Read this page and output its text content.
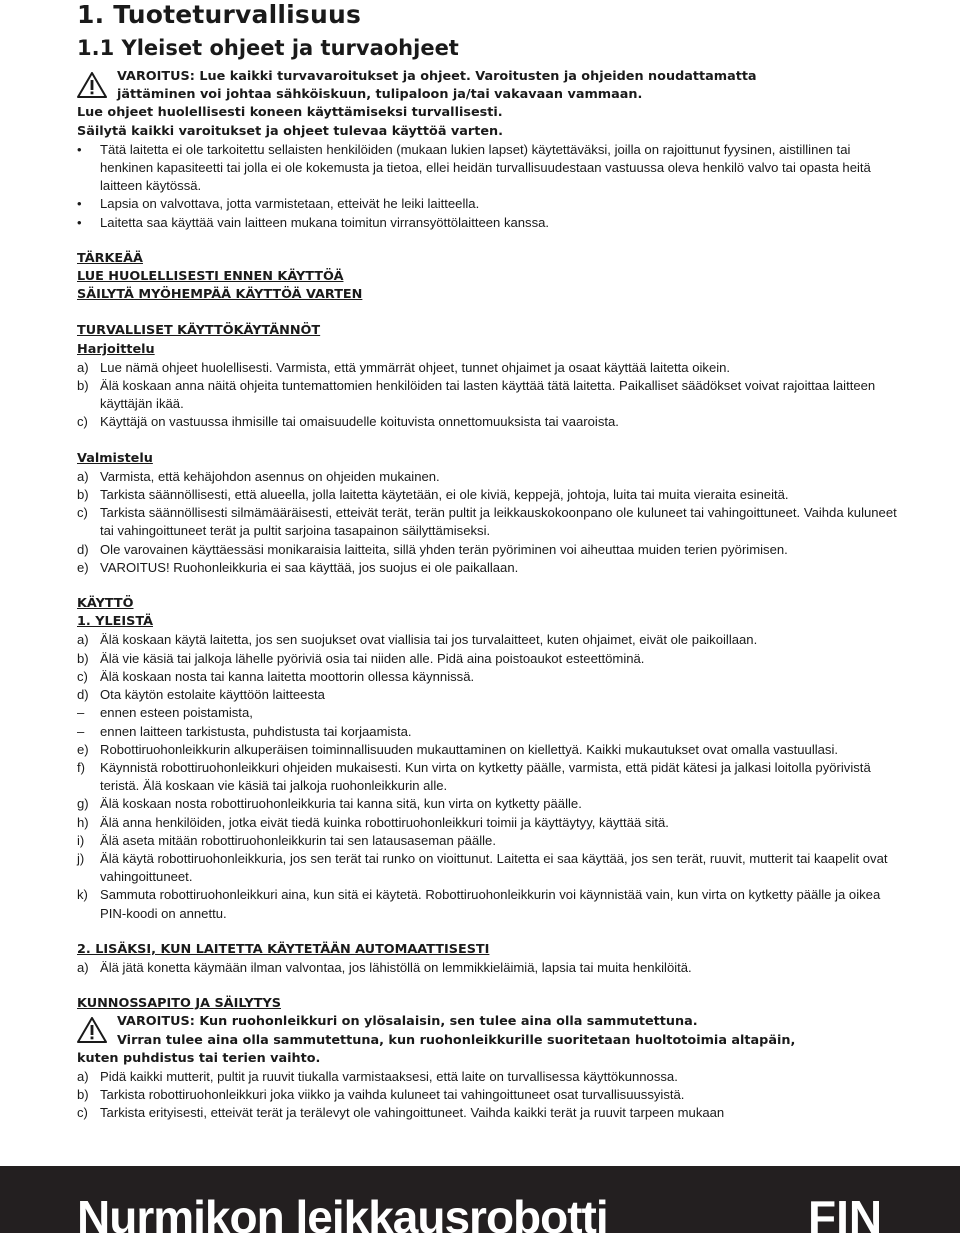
1. Tuoteturvallisuus
1.1 Yleiset ohjeet ja turvaohjeet
VAROITUS: Lue kaikki turvavaroitukset ja ohjeet. Varoitusten ja ohjeiden noudattamatta
jättäminen voi johtaa sähköiskuun, tulipaloon ja/tai vakavaan vammaan.
Lue ohjeet huolellisesti koneen käyttämiseksi turvallisesti.
Säilytä kaikki varoitukset ja ohjeet tulevaa käyttöä varten.
• Tätä laitetta ei ole tarkoitettu sellaisten henkilöiden (mukaan lukien lapset) käytettäväksi, joilla on rajoittunut fyysinen, aistillinen tai henkinen kapasiteetti tai jolla ei ole kokemusta ja tietoa, ellei heidän turvallisuudestaan vastuussa oleva henkilö valvo tai opasta heitä laitteen käytössä.
• Lapsia on valvottava, jotta varmistetaan, etteivät he leiki laitteella.
• Laitetta saa käyttää vain laitteen mukana toimitun virransyöttölaitteen kanssa.
TÄRKEÄÄ
LUE HUOLELLISESTI ENNEN KÄYTTÖÄ
SÄILYTÄ MYÖHEMPÄÄ KÄYTTÖÄ VARTEN
TURVALLISET KÄYTTÖKÄYTÄNNÖT
Harjoittelu
a) Lue nämä ohjeet huolellisesti. Varmista, että ymmärrät ohjeet, tunnet ohjaimet ja osaat käyttää laitetta oikein.
b) Älä koskaan anna näitä ohjeita tuntemattomien henkilöiden tai lasten käyttää tätä laitetta. Paikalliset säädökset voivat rajoittaa laitteen käyttäjän ikää.
c) Käyttäjä on vastuussa ihmisille tai omaisuudelle koituvista onnettomuuksista tai vaaroista.
Valmistelu
a) Varmista, että kehäjohdon asennus on ohjeiden mukainen.
b) Tarkista säännöllisesti, että alueella, jolla laitetta käytetään, ei ole kiviä, keppejä, johtoja, luita tai muita vieraita esineitä.
c) Tarkista säännöllisesti silmämääräisesti, etteivät terät, terän pultit ja leikkauskokoonpano ole kuluneet tai vahingoittuneet. Vaihda kuluneet tai vahingoittuneet terät ja pultit sarjoina tasapainon säilyttämiseksi.
d) Ole varovainen käyttäessäsi monikaraisia laitteita, sillä yhden terän pyöriminen voi aiheuttaa muiden terien pyörimisen.
e) VAROITUS! Ruohonleikkuria ei saa käyttää, jos suojus ei ole paikallaan.
KÄYTTÖ
1. YLEISTÄ
a) Älä koskaan käytä laitetta, jos sen suojukset ovat viallisia tai jos turvalaitteet, kuten ohjaimet, eivät ole paikoillaan.
b) Älä vie käsiä tai jalkoja lähelle pyöriviä osia tai niiden alle. Pidä aina poistoaukot esteettöminä.
c) Älä koskaan nosta tai kanna laitetta moottorin ollessa käynnissä.
d) Ota käytön estolaite käyttöön laitteesta
– ennen esteen poistamista,
– ennen laitteen tarkistusta, puhdistusta tai korjaamista.
e) Robottiruohonleikkurin alkuperäisen toiminnallisuuden mukauttaminen on kiellettyä. Kaikki mukautukset ovat omalla vastuullasi.
f) Käynnistä robottiruohonleikkuri ohjeiden mukaisesti. Kun virta on kytketty päälle, varmista, että pidät kätesi ja jalkasi loitolla pyörivistä teristä. Älä koskaan vie käsiä tai jalkoja ruohonleikkurin alle.
g) Älä koskaan nosta robottiruohonleikkuria tai kanna sitä, kun virta on kytketty päälle.
h) Älä anna henkilöiden, jotka eivät tiedä kuinka robottiruohonleikkuri toimii ja käyttäytyy, käyttää sitä.
i) Älä aseta mitään robottiruohonleikkurin tai sen latausaseman päälle.
j) Älä käytä robottiruohonleikkuria, jos sen terät tai runko on vioittunut. Laitetta ei saa käyttää, jos sen terät, ruuvit, mutterit tai kaapelit ovat vahingoittuneet.
k) Sammuta robottiruohonleikkuri aina, kun sitä ei käytetä. Robottiruohonleikkurin voi käynnistää vain, kun virta on kytketty päälle ja oikea PIN-koodi on annettu.
2. LISÄKSI, KUN LAITETTA KÄYTETÄÄN AUTOMAATTISESTI
a) Älä jätä konetta käymään ilman valvontaa, jos lähistöllä on lemmikkieläimiä, lapsia tai muita henkilöitä.
KUNNOSSAPITO JA SÄILYTYS
VAROITUS: Kun ruohonleikkuri on ylösalaisin, sen tulee aina olla sammutettuna.
Virran tulee aina olla sammutettuna, kun ruohonleikkurille suoritetaan huoltotoimia altapäin,
kuten puhdistus tai terien vaihto.
a) Pidä kaikki mutterit, pultit ja ruuvit tiukalla varmistaaksesi, että laite on turvallisessa käyttökunnossa.
b) Tarkista robottiruohonleikkuri joka viikko ja vaihda kuluneet tai vahingoittuneet osat turvallisuussyistä.
c) Tarkista erityisesti, etteivät terät ja terälevyt ole vahingoittuneet. Vaihda kaikki terät ja ruuvit tarpeen mukaan
Nurmikon leikkausrobotti	FIN
